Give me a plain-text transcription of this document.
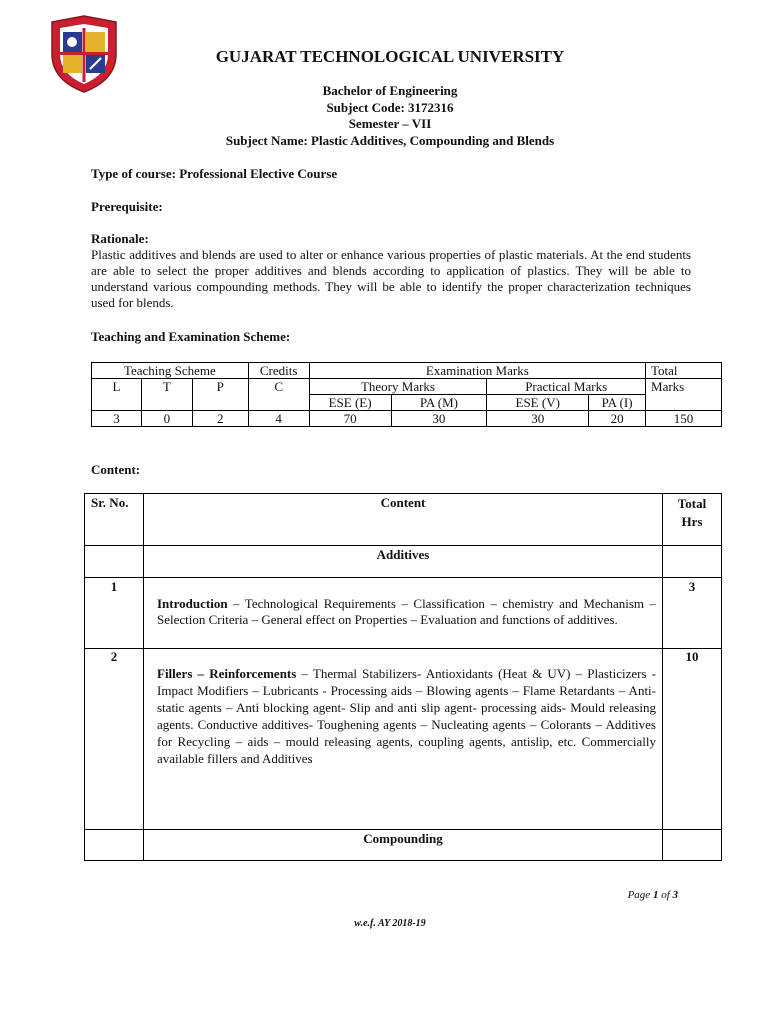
GUJARAT TECHNOLOGICAL UNIVERSITY
Bachelor of Engineering
Subject Code: 3172316
Semester – VII
Subject Name: Plastic Additives, Compounding and Blends
Type of course: Professional Elective Course
Prerequisite:
Rationale:
Plastic additives and blends are used to alter or enhance various properties of plastic materials. At the end students are able to select the proper additives and blends according to application of plastics. They will be able to understand various compounding methods. They will be able to identify the proper characterization techniques used for blends.
Teaching and Examination Scheme:
Teaching Scheme			Credits	Examination Marks				Total
L	T	P	C	Theory Marks		Practical Marks		Marks
				ESE (E)	PA (M)	ESE (V)	PA (I)	
3	0	2	4	70	30	30	20	150
Content:
Sr. No.	Content	Total
Hrs

	Additives	
1	Introduction – Technological Requirements – Classification – chemistry and Mechanism – Selection Criteria – General effect on Properties – Evaluation and functions of additives.	3
2	Fillers – Reinforcements – Thermal Stabilizers- Antioxidants (Heat & UV) – Plasticizers - Impact Modifiers – Lubricants - Processing aids – Blowing agents – Flame Retardants – Anti-static agents – Anti blocking agent- Slip and anti slip agent- processing aids- Mould releasing agents. Conductive additives- Toughening agents – Nucleating agents – Colorants – Additives for Recycling – aids – mould releasing agents, coupling agents, antislip, etc. Commercially available fillers and Additives	10
	Compounding	
Page 1 of 3
w.e.f. AY 2018-19
